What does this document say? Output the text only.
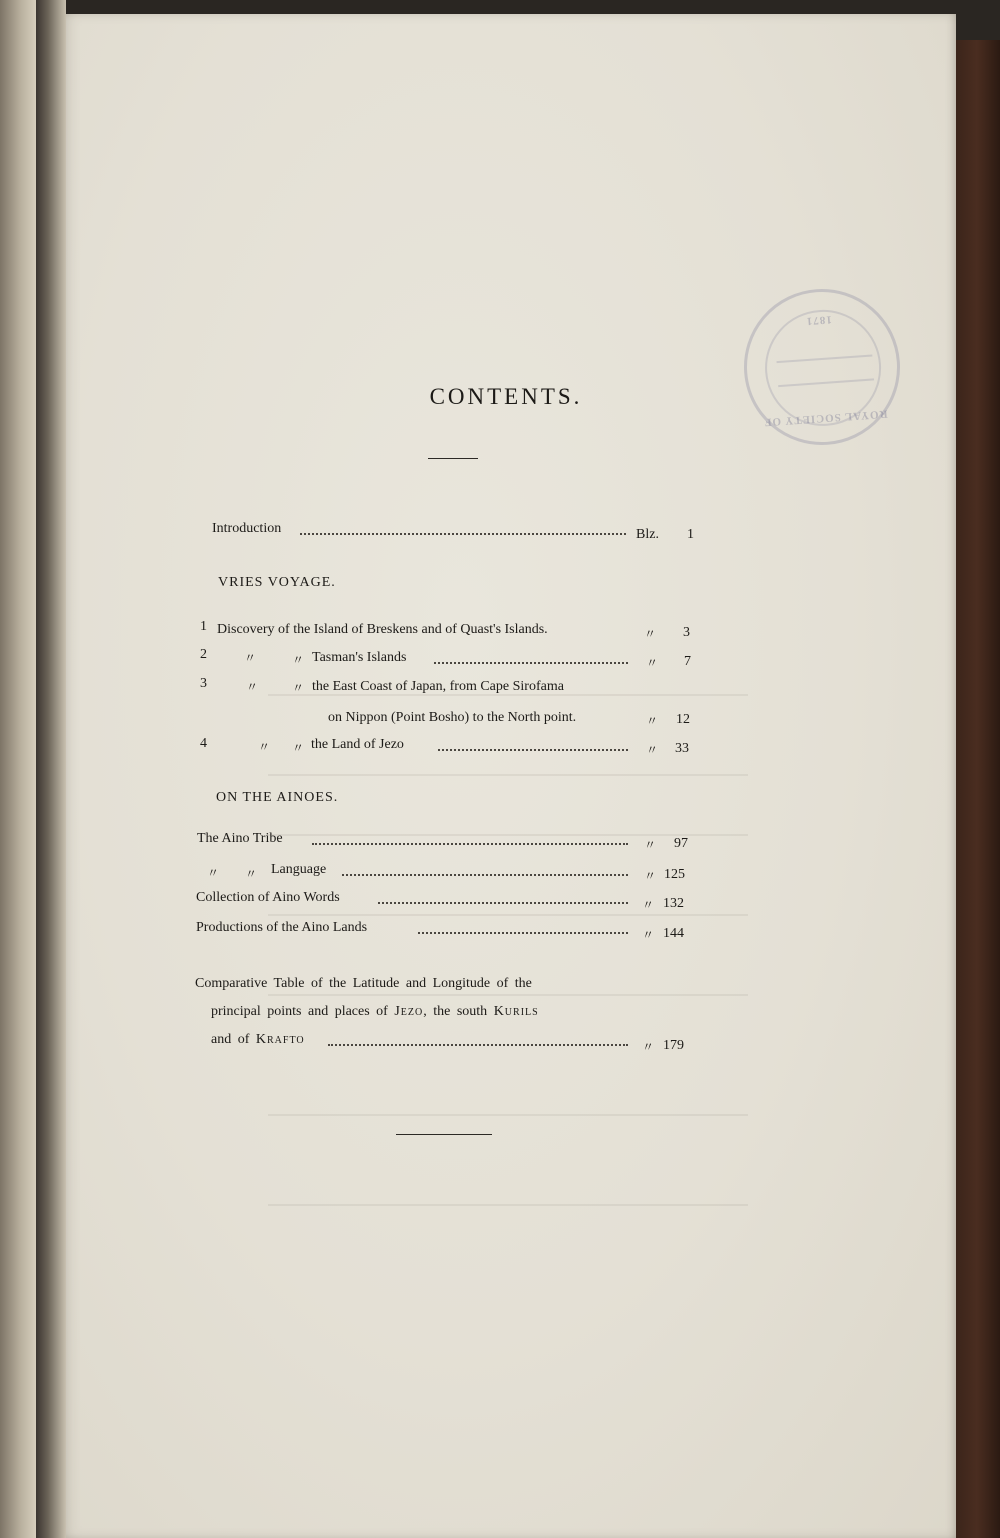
ROYAL SOCIETY OF
1871
CONTENTS.
Introduction	Blz. 1
VRIES VOYAGE.
1 Discovery of the Island of Breskens and of Quast's Islands.	〃 3
2	〃	〃 Tasman's Islands	〃 7
3	〃	〃 the East Coast of Japan, from Cape Sirofama
on Nippon (Point Bosho) to the North point.	〃 12
4	〃 〃 the Land of Jezo	〃 33
ON THE AINOES.
The Aino Tribe	〃 97
〃 〃 Language	〃 125
Collection of Aino Words	〃 132
Productions of the Aino Lands	〃 144
Comparative Table of the Latitude and Longitude of the
principal points and places of Jezo, the south Kurils
and of Krafto	〃 179
